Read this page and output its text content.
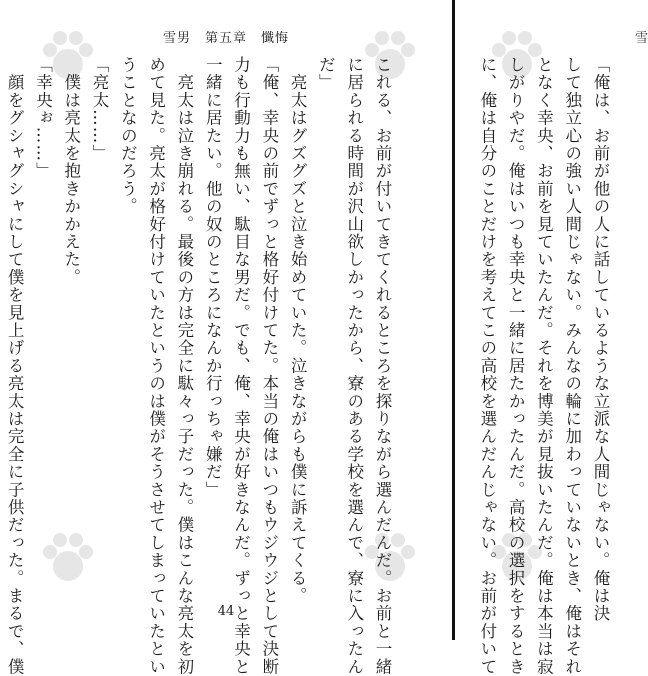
雪男　第五章　懺悔
これる、お前が付いてきてくれるところを探りながら選んだんだ。お前と一緒
に居られる時間が沢山欲しかったから、寮のある学校を選んで、寮に入ったん
だ」
　亮太はグズグズと泣き始めていた。泣きながらも僕に訴えてくる。
「俺、幸央の前でずっと格好付けてた。本当の俺はいつもウジウジとして決断
力も行動力も無い、駄目な男だ。でも、俺、幸央が好きなんだ。ずっと幸央と
一緒に居たい。他の奴のところになんか行っちゃ嫌だ」
　亮太は泣き崩れる。最後の方は完全に駄々っ子だった。僕はこんな亮太を初
めて見た。亮太が格好付けていたというのは僕がそうさせてしまっていたとい
うことなのだろう。
「亮太……」
　僕は亮太を抱きかかえた。
「幸央ぉ……」
　顔をグシャグシャにして僕を見上げる亮太は完全に子供だった。まるで、僕	44
雪
「俺は、お前が他の人に話しているような立派な人間じゃない。俺は決
して独立心の強い人間じゃない。みんなの輪に加わっていないとき、俺はそれ
となく幸央、お前を見ていたんだ。それを博美が見抜いたんだ。俺は本当は寂
しがりやだ。俺はいつも幸央と一緒に居たかったんだ。高校の選択をするとき
に、俺は自分のことだけを考えてこの高校を選んだんじゃない。お前が付いて
